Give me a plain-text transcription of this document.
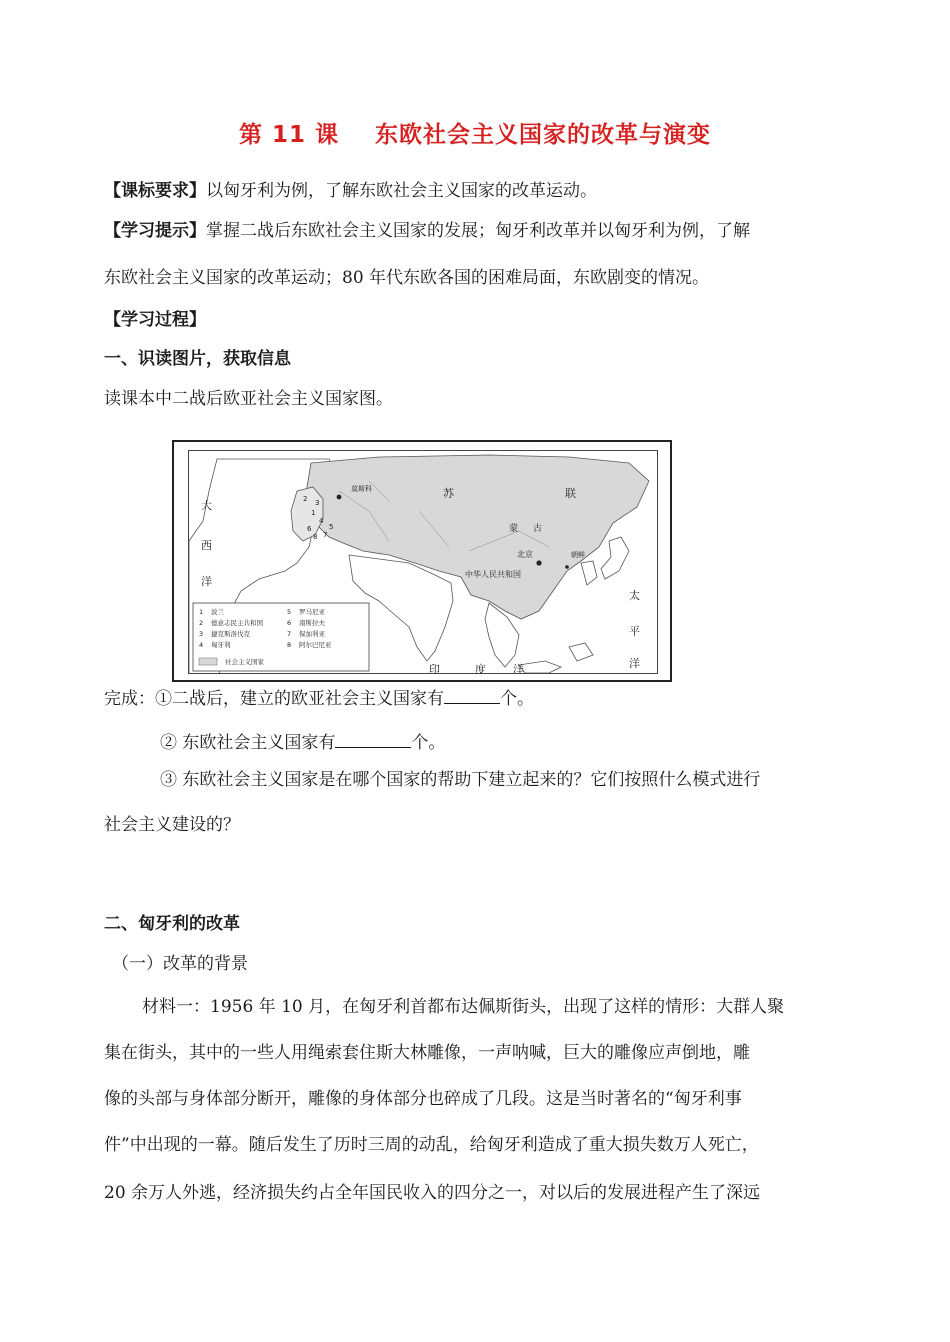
第 11 课    东欧社会主义国家的改革与演变
【课标要求】以匈牙利为例，了解东欧社会主义国家的改革运动。
【学习提示】掌握二战后东欧社会主义国家的发展；匈牙利改革并以匈牙利为例，了解
东欧社会主义国家的改革运动；80 年代东欧各国的困难局面，东欧剧变的情况。
【学习过程】
一、识读图片，获取信息
读课本中二战后欧亚社会主义国家图。
莫斯科	苏	联
蒙 古
北京	朝鲜
中华人民共和国
大
西
洋
太
平
洋
印	度 洋
2 3
1
4
6
8 7
5
1 波兰
2 德意志民主共和国
3 捷克斯洛伐克
4 匈牙利
5 罗马尼亚
6 南斯拉夫
7 保加利亚
8 阿尔巴尼亚
社会主义国家
完成：①二战后，建立的欧亚社会主义国家有	个。
② 东欧社会主义国家有	个。
③ 东欧社会主义国家是在哪个国家的帮助下建立起来的？它们按照什么模式进行
社会主义建设的？
二、匈牙利的改革
（一）改革的背景
材料一：1956 年 10 月，在匈牙利首都布达佩斯街头，出现了这样的情形：大群人聚
集在街头，其中的一些人用绳索套住斯大林雕像，一声呐喊，巨大的雕像应声倒地，雕
像的头部与身体部分断开，雕像的身体部分也碎成了几段。这是当时著名的“匈牙利事
件”中出现的一幕。随后发生了历时三周的动乱，给匈牙利造成了重大损失数万人死亡，
20 余万人外逃，经济损失约占全年国民收入的四分之一，对以后的发展进程产生了深远
